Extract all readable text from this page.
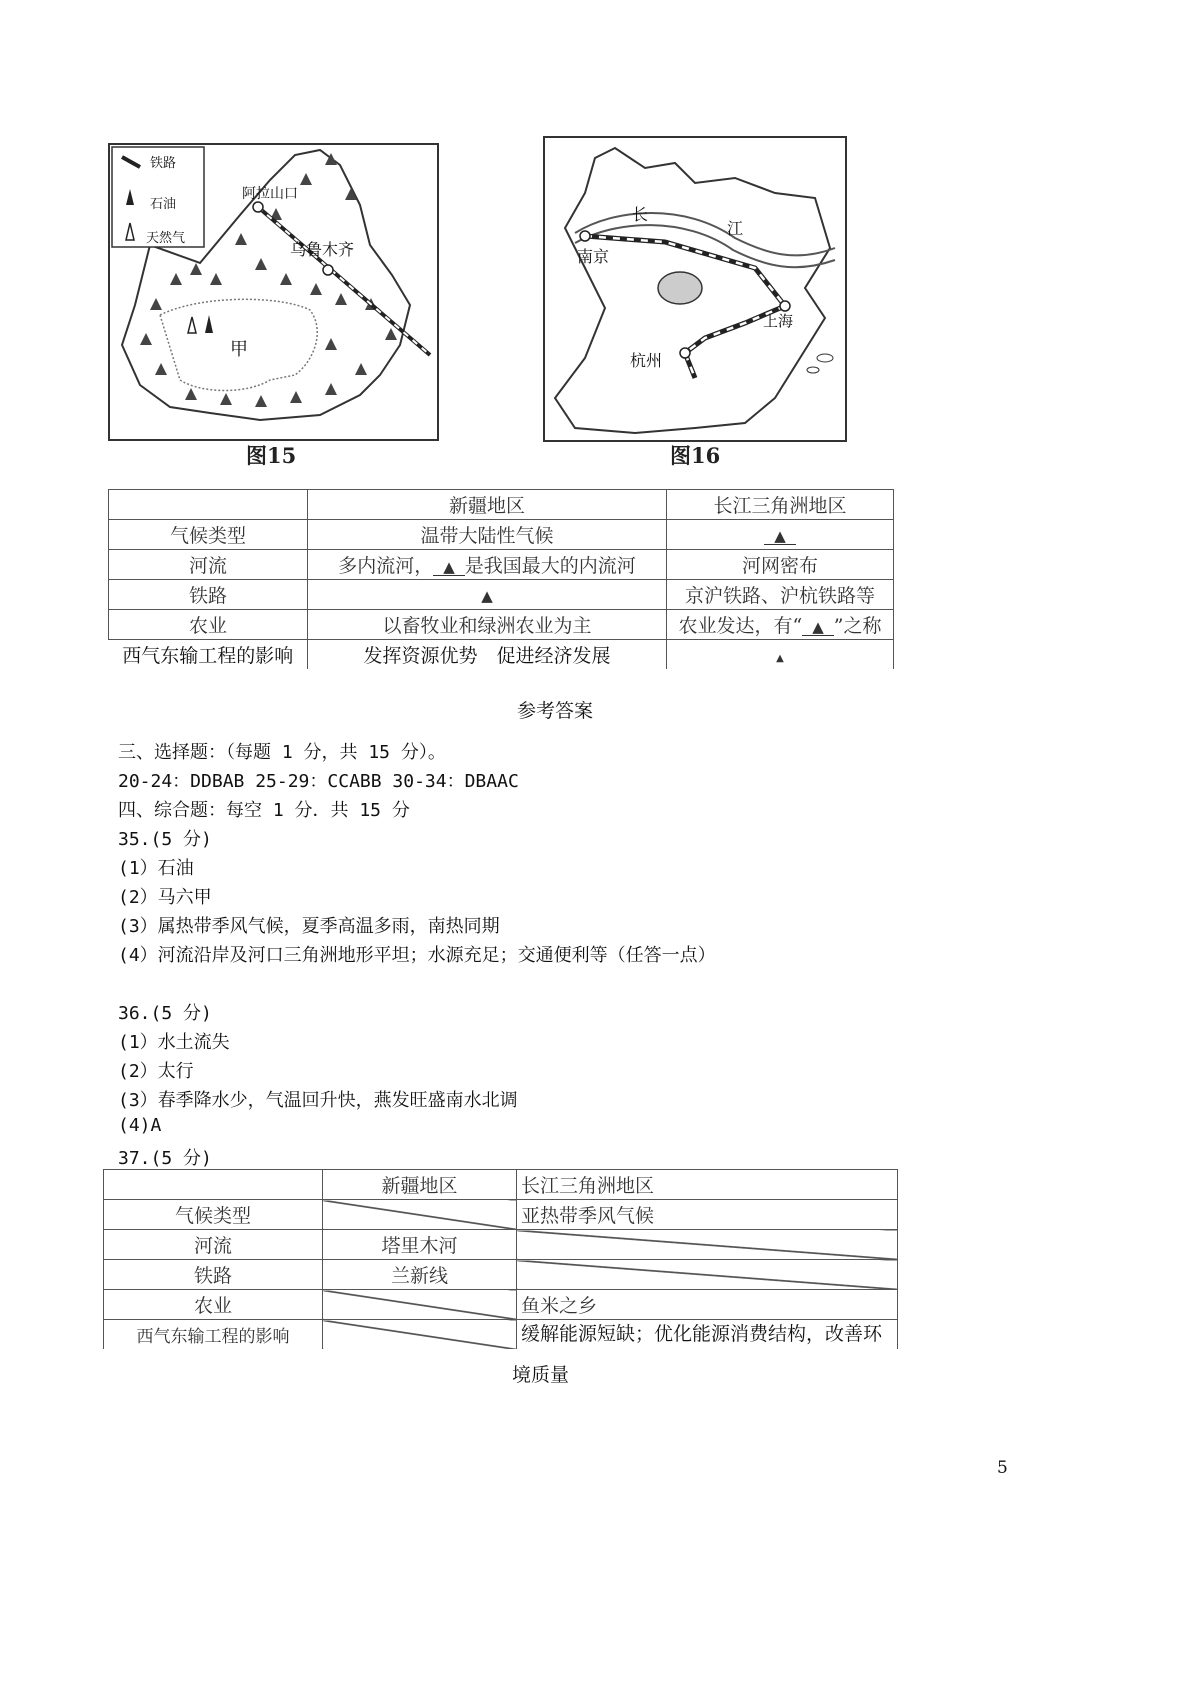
铁路
石油
天然气
阿拉山口
乌鲁木齐
甲
图15
长
江
南京
上海
杭州
图16
	新疆地区	长江三角洲地区
气候类型	温带大陆性气候	▲
河流	多内流河， ▲ 是我国最大的内流河	河网密布
铁路	▲	京沪铁路、沪杭铁路等
农业	以畜牧业和绿洲农业为主	农业发达，有“ ▲ ”之称
西气东输工程的影响	发挥资源优势　促进经济发展	▲
参考答案
三、选择题：（每题 1 分，共 15 分）。
20-24：DDBAB 25-29：CCABB 30-34：DBAAC
四、综合题：每空 1 分．共 15 分
35.(5 分)
(1）石油
(2）马六甲
(3）属热带季风气候，夏季高温多雨，南热同期
(4）河流沿岸及河口三角洲地形平坦；水源充足；交通便利等（任答一点）
36.(5 分)
(1）水土流失
(2）太行
(3）春季降水少，气温回升快，燕发旺盛南水北调
(4)A
37.(5 分)
	新疆地区	长江三角洲地区
气候类型		亚热带季风气候
河流	塔里木河	
铁路	兰新线	
农业		鱼米之乡
西气东输工程的影响		缓解能源短缺；优化能源消费结构，改善环
境质量
5
